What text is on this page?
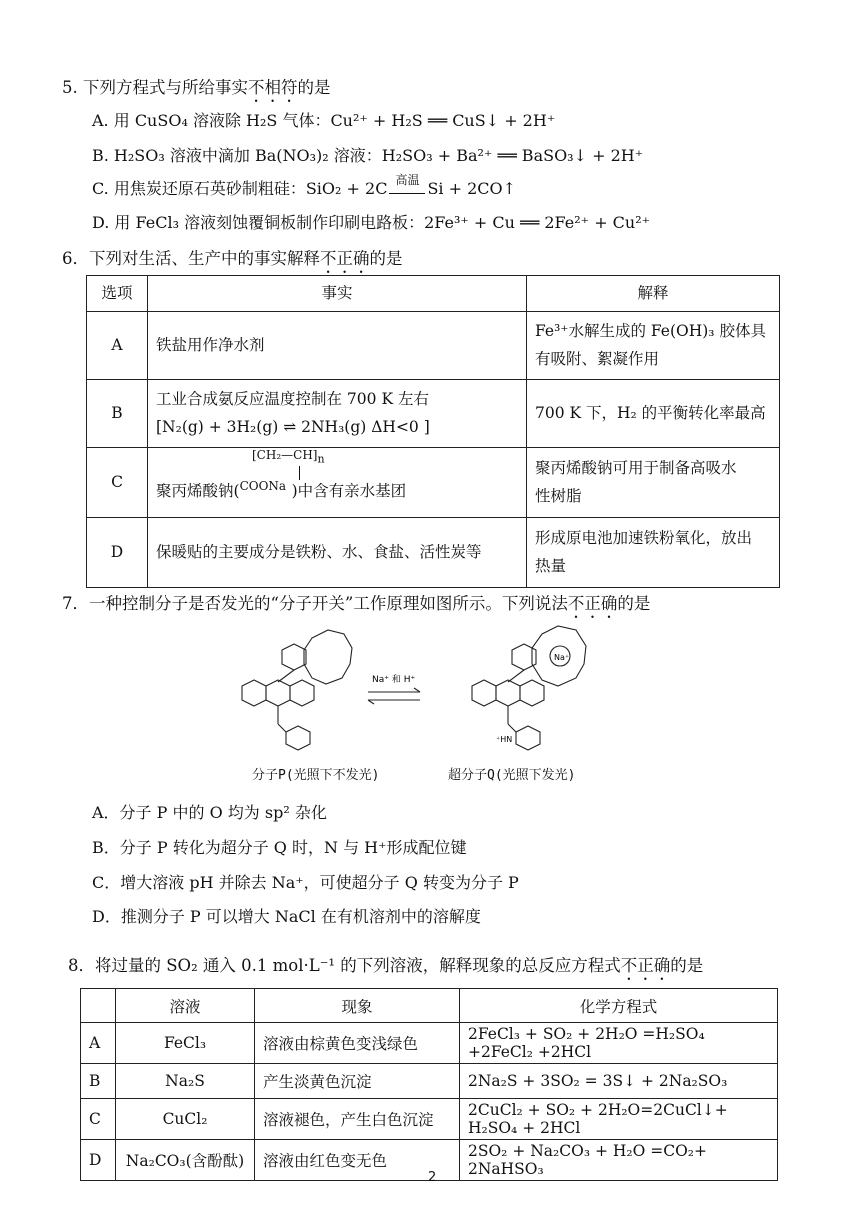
5. 下列方程式与所给事实不相符的是
A. 用 CuSO₄ 溶液除 H₂S 气体：Cu²⁺ + H₂S ══ CuS↓ + 2H⁺
B. H₂SO₃ 溶液中滴加 Ba(NO₃)₂ 溶液：H₂SO₃ + Ba²⁺ ══ BaSO₃↓ + 2H⁺
C. 用焦炭还原石英砂制粗硅：SiO₂ + 2C 高温 Si + 2CO↑
D. 用 FeCl₃ 溶液刻蚀覆铜板制作印刷电路板：2Fe³⁺ + Cu ══ 2Fe²⁺ + Cu²⁺
6．下列对生活、生产中的事实解释不正确的是
选项	事实	解释
A	铁盐用作净水剂	Fe³⁺水解生成的 Fe(OH)₃ 胶体具
有吸附、絮凝作用
B	工业合成氨反应温度控制在 700 K 左右
[N₂(g) + 3H₂(g) ⇌ 2NH₃(g) ΔH<0 ]	700 K 下，H₂ 的平衡转化率最高
C	$[CH_2—CH]_n$
聚丙烯酸钠(COONa )中含有亲水基团	聚丙烯酸钠可用于制备高吸水
性树脂
D	保暖贴的主要成分是铁粉、水、食盐、活性炭等	形成原电池加速铁粉氧化，放出
热量
7．一种控制分子是否发光的“分子开关”工作原理如图所示。下列说法不正确的是
Na⁺ 和 H⁺
Na⁺
⁺HN
分子P(光照下不发光)	超分子Q(光照下发光)
A．分子 P 中的 O 均为 sp² 杂化
B．分子 P 转化为超分子 Q 时，N 与 H⁺形成配位键
C．增大溶液 pH 并除去 Na⁺，可使超分子 Q 转变为分子 P
D．推测分子 P 可以增大 NaCl 在有机溶剂中的溶解度
8．将过量的 SO₂ 通入 0.1 mol·L⁻¹ 的下列溶液，解释现象的总反应方程式不正确的是
	溶液	现象	化学方程式
A	FeCl₃	溶液由棕黄色变浅绿色	2FeCl₃ + SO₂ + 2H₂O =H₂SO₄ +2FeCl₂ +2HCl
B	Na₂S	产生淡黄色沉淀	2Na₂S + 3SO₂ = 3S↓ + 2Na₂SO₃
C	CuCl₂	溶液褪色，产生白色沉淀	2CuCl₂ + SO₂ + 2H₂O=2CuCl↓+ H₂SO₄ + 2HCl
D	Na₂CO₃(含酚酞)	溶液由红色变无色	2SO₂ + Na₂CO₃ + H₂O =CO₂+ 2NaHSO₃
2
